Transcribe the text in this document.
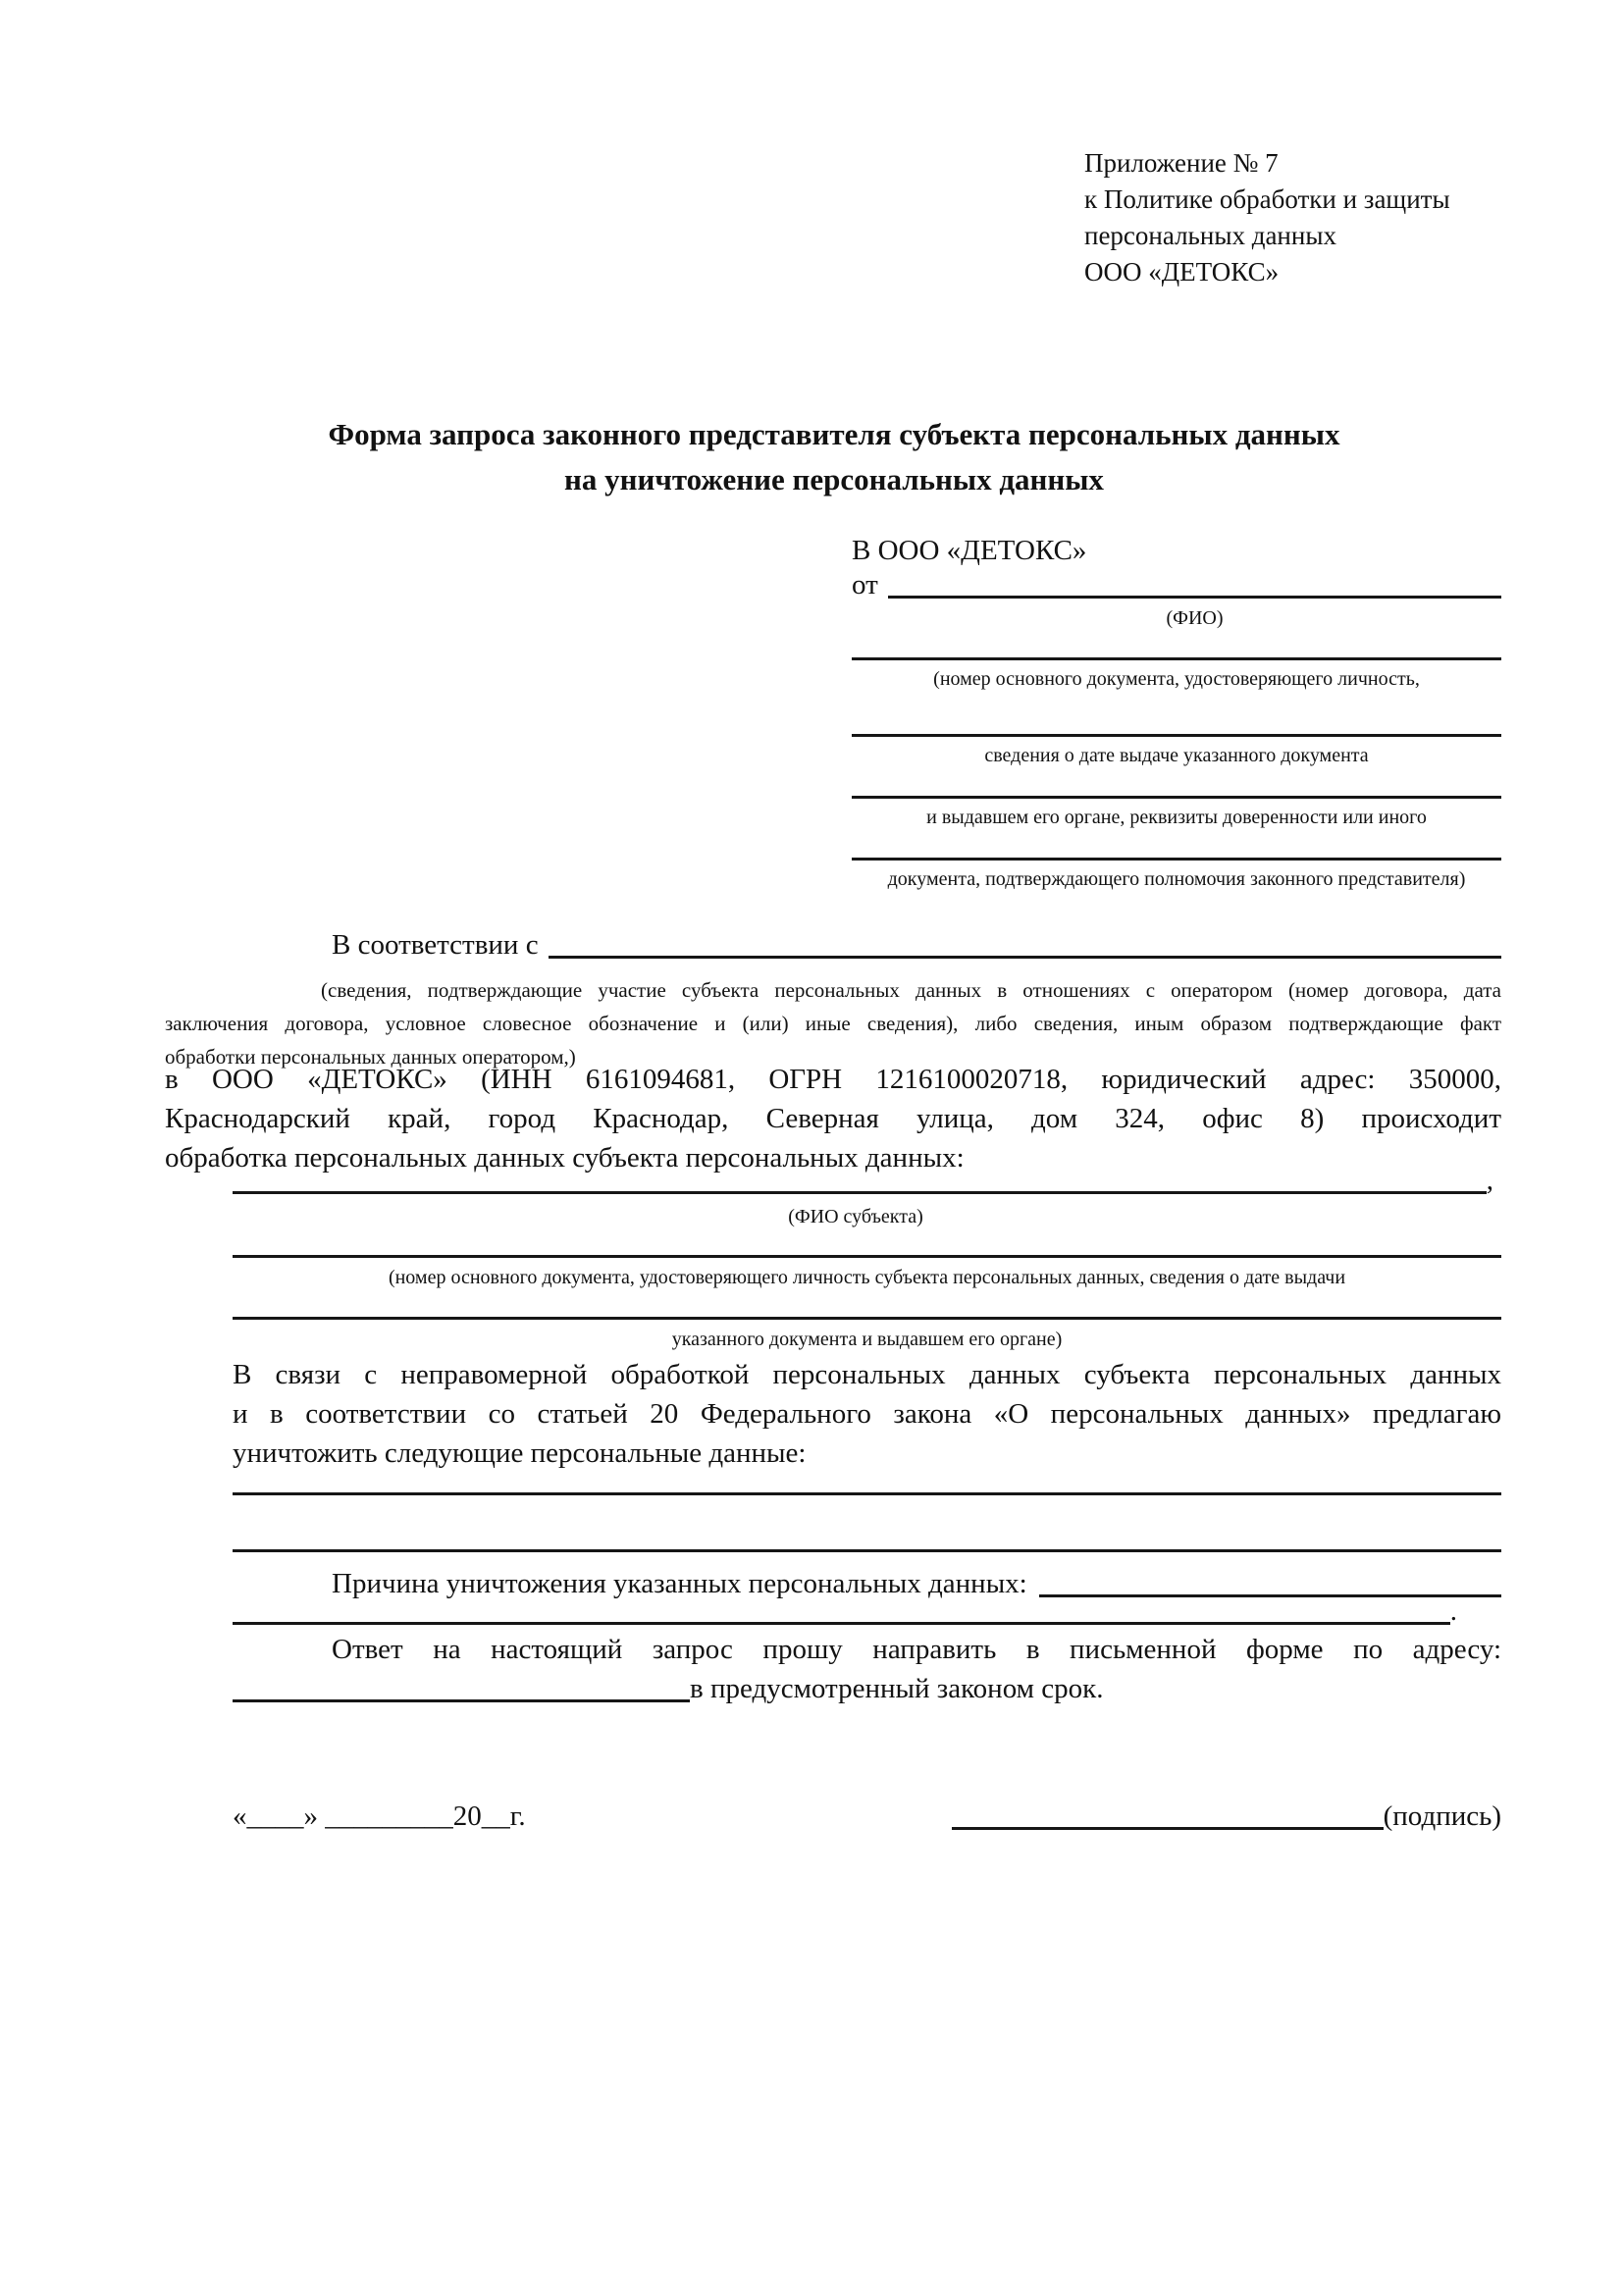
Приложение № 7
к Политике обработки и защиты
персональных данных
ООО «ДЕТОКС»
Форма запроса законного представителя субъекта персональных данных
на уничтожение персональных данных
В ООО «ДЕТОКС»
от
(ФИО)
(номер основного документа, удостоверяющего личность,
сведения о дате выдаче указанного документа
и выдавшем его органе, реквизиты доверенности или иного
документа, подтверждающего полномочия законного представителя)
В соответствии с
(сведения, подтверждающие участие субъекта персональных данных в отношениях с оператором (номер договора, дата
заключения договора, условное словесное обозначение и (или) иные сведения), либо сведения, иным образом подтверждающие факт
обработки персональных данных оператором,)
в ООО «ДЕТОКС» (ИНН 6161094681, ОГРН 1216100020718, юридический адрес: 350000,
Краснодарский край, город Краснодар, Северная улица, дом 324, офис 8) происходит
обработка персональных данных субъекта персональных данных:
,
(ФИО субъекта)
(номер основного документа, удостоверяющего личность субъекта персональных данных, сведения о дате выдачи
указанного документа и выдавшем его органе)
В связи с неправомерной обработкой персональных данных субъекта персональных данных
и в соответствии со статьей 20 Федерального закона «О персональных данных» предлагаю
уничтожить следующие персональные данные:
Причина уничтожения указанных персональных данных:
.
Ответ на настоящий запрос прошу направить в письменной форме по адресу:
в предусмотренный законом срок.
«____» _________20__г.	(подпись)
